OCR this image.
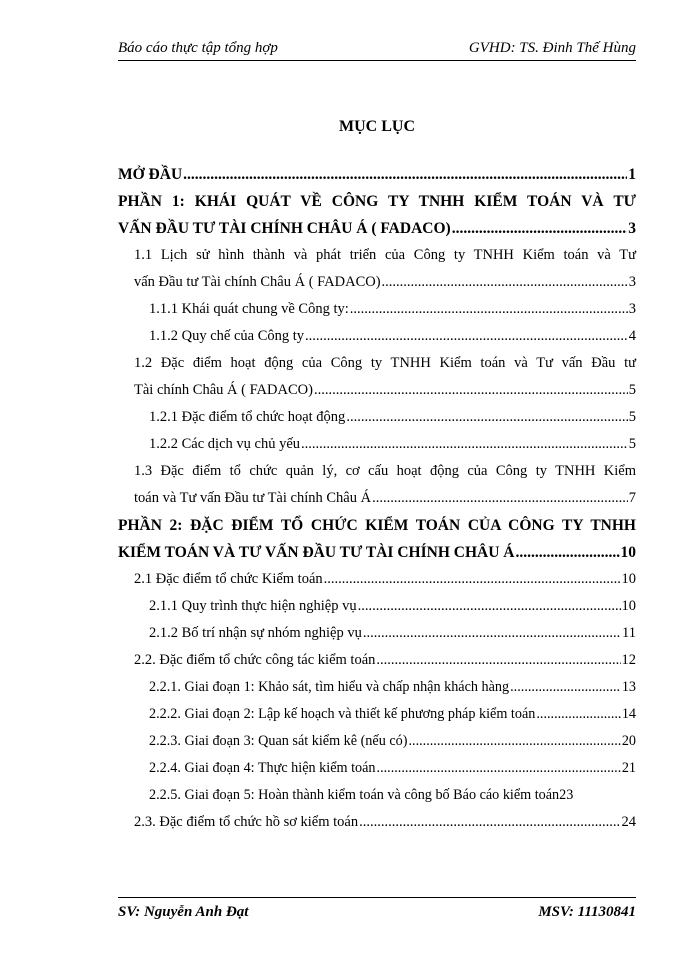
Báo cáo thực tập tổng hợp	GVHD: TS. Đinh Thế Hùng
MỤC LỤC
MỞ ĐẦU .....	1
PHẦN 1: KHÁI QUÁT VỀ CÔNG TY TNHH KIỂM TOÁN VÀ TƯ
VẤN ĐẦU TƯ TÀI CHÍNH CHÂU Á ( FADACO) .....	3
1.1 Lịch sử hình thành và phát triển của Công ty TNHH Kiểm toán và Tư
vấn Đầu tư Tài chính Châu Á ( FADACO) .....	3
1.1.1 Khái quát chung về Công ty: .....	3
1.1.2 Quy chế của Công ty .....	4
1.2 Đặc điểm hoạt động của Công ty TNHH Kiểm toán và Tư vấn Đầu tư
Tài chính Châu Á ( FADACO) .....	5
1.2.1 Đặc điểm tổ chức hoạt động .....	5
1.2.2 Các dịch vụ chủ yếu .....	5
1.3 Đặc điểm tổ chức quản lý, cơ cấu hoạt động của Công ty TNHH Kiểm
toán và Tư vấn Đầu tư Tài chính Châu Á .....	7
PHẦN 2: ĐẶC ĐIỂM TỔ CHỨC KIỂM TOÁN CỦA CÔNG TY TNHH
KIỂM TOÁN VÀ TƯ VẤN ĐẦU TƯ TÀI CHÍNH CHÂU Á .....	10
2.1 Đặc điểm tổ chức Kiểm toán .....	10
2.1.1 Quy trình thực hiện nghiệp vụ .....	10
2.1.2 Bố trí nhận sự nhóm nghiệp vụ .....	11
2.2. Đặc điểm tổ chức công tác kiểm toán .....	12
2.2.1. Giai đoạn 1: Khảo sát, tìm hiểu và chấp nhận khách hàng .....	13
2.2.2. Giai đoạn 2: Lập kế hoạch và thiết kế phương pháp kiểm toán .....	14
2.2.3. Giai đoạn 3: Quan sát kiểm kê (nếu có) .....	20
2.2.4. Giai đoạn 4: Thực hiện kiểm toán .....	21
2.2.5. Giai đoạn 5: Hoàn thành kiểm toán và công bố Báo cáo kiểm toán 23
2.3. Đặc điểm tổ chức hồ sơ kiểm toán .....	24
SV: Nguyễn Anh Đạt	MSV: 11130841
